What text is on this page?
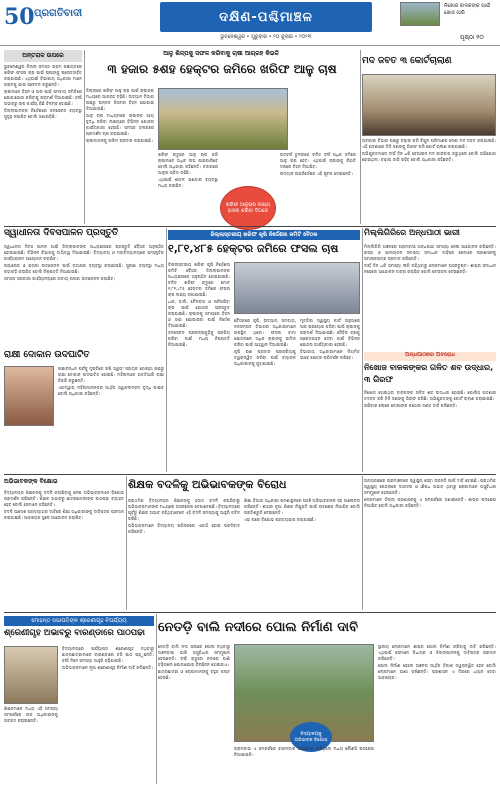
50 ପ୍ରଗତିବାଦୀ	ଦକ୍ଷିଣ-ପଶ୍ଚିମାଞ୍ଚଳ
ଭୁବନେଶ୍ୱର • ଗୁରୁବାର • ୨୦ ଜୁଲାଇ • ୨୦୨୩	ପୃଷ୍ଠା ୧୦
ନିଖୋଜ ବାଳକଙ୍କ ପାଇଁ ଖୋଜ ଜାରି
ଅନ୍ତରାଳ ଉପରେ

ଭୁବନେଶ୍ୱର ଜିଲ୍ଲା ସମସ୍ତ ଗ୍ରାମ ପଞ୍ଚାୟତରେ ଖରିଫ ଫସଲ ଚାଷ ପାଇଁ ଚାଷୀଙ୍କୁ ପ୍ରୋତ୍ସାହିତ କରାଯାଉଛି। ଏଥିପାଇଁ ବିଭାଗୀୟ ଅଧିକାରୀ ମାନେ ଗ୍ରାମକୁ ଯାଇ ସଚେତନ କରୁଛନ୍ତି।

ଚାଷୀମାନେ ବିହନ ଓ ସାର ପାଇଁ ସମବାୟ ସମିତିରେ ଯୋଗାଯୋଗ କରିବାକୁ ପରାମର୍ଶ ଦିଆଯାଇଛି। ବର୍ଷା ଅଭାବରୁ ଚାଷ କାର୍ଯ୍ୟ କିଛି ବିଳମ୍ବ ହୋଇଛି।

ଜିଲ୍ଲାପାଳଙ୍କ ନିର୍ଦ୍ଦେଶରେ ଜଳସେଚନ ବ୍ୟବସ୍ଥା ସୁଦୃଢ଼ କରାଯିବ ବୋଲି ଜଣାପଡ଼ିଛି।

ଆଳୁ ଶିଳ୍ପକୁ ସଫଳ କରିବାକୁ ଚାଷୀ ଆଗ୍ରହ କିଭଳି
୩ ହଜାର ୫ଶହ ହେକ୍ଟର ଜମିରେ ଖରିଫ ଆଳୁ ଚାଷ

ଜିଲ୍ଲାରେ ଖରିଫ ଆଳୁ ଚାଷ ପାଇଁ ଚାଷୀଙ୍କ ମଧ୍ୟରେ ଆଗ୍ରହ ବଢ଼ିଛି। ଉଦ୍ୟାନ ବିଭାଗ ପକ୍ଷରୁ ଉନ୍ନତ କିସମର ବିହନ ଯୋଗାଇ ଦିଆଯାଉଛି।

ଆଳୁ ଚାଷ ମାଧ୍ୟମରେ ଚାଷୀଙ୍କ ଆୟ ବୃଦ୍ଧି କରିବା ଲକ୍ଷ୍ୟରେ ବିଭିନ୍ନ ଯୋଜନା କାର୍ଯ୍ୟକାରୀ ହେଉଛି। ସମସ୍ତ ବ୍ଲକରେ ପ୍ରଦର୍ଶନ ଚାଷ କରାଯାଇଛି।

ଚାଷୀମାନଙ୍କୁ ତାଲିମ ପ୍ରଦାନ କରାଯାଇଛି।

ଖରିଫ ଋତୁରେ ଆଳୁ ଚାଷ କରି ଚାଷୀମାନେ ଅଧିକ ଲାଭ ପାଇପାରିବେ ବୋଲି ଅଧିକାରୀ କହିଛନ୍ତି। ବଜାରରେ ଆଳୁର ଚାହିଦା ରହିଛି।

ଏଥିପାଇଁ ଶୀତଳ ଭଣ୍ଡାର ବ୍ୟବସ୍ଥା ମଧ୍ୟ କରାଯିବ।

ଖରିଫ ଆଳୁଚାଷ ଲକ୍ଷ୍ୟ ହାସଲ କରିବା ଦିଗରେ

ଗତବର୍ଷ ତୁଳନାରେ ଚଳିତ ବର୍ଷ ଅଧିକ ଜମିରେ ଆଳୁ ଚାଷ ହେବ। ଏଥିପାଇଁ ଚାଷୀଙ୍କୁ ରିହାତି ଦରରେ ବିହନ ଦିଆଯିବ।

ଉଦ୍ୟାନ ଉପନିର୍ଦ୍ଦେଶକ ଏହି ସୂଚନା ଦେଇଛନ୍ତି।

ମଦ ଜବତ ୩ କୋର୍ଟଚାଲାଣ

ଅବକାରୀ ବିଭାଗ ପକ୍ଷରୁ ଚଢ଼ାଉ କରି ବିପୁଳ ପରିମାଣର ଦେଶୀ ମଦ ଜବତ କରାଯାଇଛି। ଏହି ଘଟଣାରେ ତିନି ଜଣଙ୍କୁ ଗିରଫ କରି କୋର୍ଟ ଚାଲାଣ କରାଯାଇଛି।

ଅଭିଯୁକ୍ତମାନେ ଦୀର୍ଘ ଦିନ ଧରି ବେଆଇନ ମଦ କାରବାର କରୁଥିଲେ ବୋଲି ଅଭିଯୋଗ ହୋଇଥିଲା। ଚଢ଼ାଉ ଜାରି ରହିବ ବୋଲି ଅଧିକାରୀ କହିଛନ୍ତି।

ସ୍ୱାଧୀନତା ଦିବସପାଳନ ପ୍ରସ୍ତୁତି

ସ୍ୱାଧୀନତା ଦିବସ ପାଳନ ପାଇଁ ଜିଲ୍ଲାପାଳଙ୍କ ଅଧ୍ୟକ୍ଷତାରେ ପ୍ରସ୍ତୁତି ବୈଠକ ଅନୁଷ୍ଠିତ ହୋଇଯାଇଛି। ବିଭିନ୍ନ ବିଭାଗକୁ ଦାୟିତ୍ୱ ଦିଆଯାଇଛି। ବିଦ୍ୟାଳୟ ଓ ମହାବିଦ୍ୟାଳୟରେ ସାଂସ୍କୃତିକ କାର୍ଯ୍ୟକ୍ରମ ଆୟୋଜନ କରାଯିବ।

ପ୍ୟାରେଡ୍ ଓ ପତାକା ଉତ୍ତୋଳନ ପାଇଁ ବ୍ୟାପକ ବ୍ୟବସ୍ଥା କରାଯାଉଛି। ସୁରକ୍ଷା ବ୍ୟବସ୍ଥା ମଧ୍ୟ କଡ଼ାକଡ଼ି କରାଯିବ ବୋଲି ନିଷ୍ପତ୍ତି ନିଆଯାଇଛି।

ସମସ୍ତ ସରକାରୀ କାର୍ଯ୍ୟାଳୟରେ ଜାତୀୟ ପତାକା ଉତ୍ତୋଳନ କରାଯିବ।

ରାକ୍ଷୀ ଦୋକାନ ଉଦଘାଟିତ

ରକ୍ଷାବନ୍ଧନ ପର୍ବକୁ ଦୃଷ୍ଟିରେ ରଖି ସ୍ୱୟଂ ସହାୟକ ଗୋଷ୍ଠୀ ପକ୍ଷରୁ ରାକ୍ଷୀ ଦୋକାନ ଉଦଘାଟିତ ହୋଇଛି। ମହିଳାମାନେ ହାତତିଆରି ରାକ୍ଷୀ ବିକ୍ରି କରୁଛନ୍ତି।

ଏହାଦ୍ୱାରା ମହିଳାମାନଙ୍କର ଆର୍ଥିକ ସ୍ୱାବଲମ୍ବନ ବୃଦ୍ଧି ପାଇବ ବୋଲି ଅଧିକାରୀ କହିଛନ୍ତି।

ଜିଲ୍ଲାସ୍ତରୀୟ ଖରିଫ କୃଷି ନିର୍ଦ୍ଦେଶନା କମିଟି ବୈଠକ
୧,୮୧,୪୮୫ ହେକ୍ଟର ଜମିରେ ଫସଲ ଚାଷ

ଜିଲ୍ଲାସ୍ତରୀୟ ଖରିଫ କୃଷି ନିର୍ଦ୍ଦେଶନା କମିଟି ବୈଠକ ଜିଲ୍ଲାପାଳଙ୍କ ଅଧ୍ୟକ୍ଷତାରେ ଅନୁଷ୍ଠିତ ହୋଇଯାଇଛି। ଚଳିତ ଖରିଫ ଋତୁରେ ମୋଟ ୧,୮୧,୪୮୫ ହେକ୍ଟର ଜମିରେ ଫସଲ ଚାଷ ଲକ୍ଷ୍ୟ ରଖାଯାଇଛି।

ଧାନ, ଡାଲି, ତୈଳବୀଜ ଓ ପନିପରିବା ଚାଷ ପାଇଁ ଯୋଜନା ପ୍ରସ୍ତୁତ କରାଯାଇଛି। ଚାଷୀଙ୍କୁ ସମୟରେ ବିହନ ଓ ସାର ଯୋଗାଇବା ପାଇଁ ନିର୍ଦ୍ଦେଶ ଦିଆଯାଇଛି।

ଜଳସେଚନ ପ୍ରକଳ୍ପଗୁଡ଼ିକୁ ସକ୍ରିୟ କରିବା ପାଇଁ ମଧ୍ୟ ନିଷ୍ପତ୍ତି ନିଆଯାଇଛି।

ବୈଠକରେ କୃଷି, ଉଦ୍ୟାନ, ସମବାୟ, ଜଳସମ୍ପଦ ବିଭାଗର ଅଧିକାରୀମାନେ ଉପସ୍ଥିତ ଥିଲେ। ଫସଲ ବୀମା ଯୋଜନାରେ ଅଧିକ ଚାଷୀଙ୍କୁ ସାମିଲ କରିବା ପାଇଁ ଆହ୍ୱାନ ଦିଆଯାଇଛି।

କୃଷି ଋଣ ପ୍ରଦାନ ପ୍ରକ୍ରିୟାକୁ ତ୍ୱରାନ୍ୱିତ କରିବା ପାଇଁ ବ୍ୟାଙ୍କ ଅଧିକାରୀଙ୍କୁ କୁହାଯାଇଛି।

ମୃତ୍ତିକା ସ୍ୱାସ୍ଥ୍ୟ କାର୍ଡ ଅନୁସାରେ ସାର ପ୍ରୟୋଗ କରିବା ପାଇଁ ଚାଷୀଙ୍କୁ ପରାମର୍ଶ ଦିଆଯାଇଛି। ଜୈବିକ ଚାଷକୁ ପ୍ରୋତ୍ସାହନ ଦେବା ପାଇଁ ବିଭିନ୍ନ ଯୋଜନା କାର୍ଯ୍ୟକାରୀ ହେଉଛି।

ବିଭାଗୀୟ ଅଧିକାରୀମାନେ ନିୟମିତ ଭାବେ କ୍ଷେତ୍ର ପରିଦର୍ଶନ କରିବେ।

ମିଲ୍ଲିଗିରିରେ ଅନ୍ଧପାଠୀ ଭାରୀ

ମିଲ୍ଲିଗିରି ଅଞ୍ଚଳରେ ଗ୍ରାମବାସୀ ଅନ୍ଧପାଠୀ ସମସ୍ୟା ନେଇ ଆନ୍ଦୋଳନ କରିଛନ୍ତି। ରାସ୍ତା ଓ ପାନୀୟଜଳ ସମସ୍ୟା ସମାଧାନ ଦାବିରେ ସେମାନେ ପ୍ରଶାସନକୁ ସ୍ମାରକପତ୍ର ପ୍ରଦାନ କରିଛନ୍ତି।

ଦୀର୍ଘ ଦିନ ଧରି ସମସ୍ୟା ଲାଗି ରହିଥିବାରୁ ଲୋକମାନେ ଅସନ୍ତୁଷ୍ଟ। ଶୀଘ୍ର ସମାଧାନ ନହେଲେ ଆନ୍ଦୋଳନ ତୀବ୍ର କରାଯିବ ବୋଲି ଚେତାବନୀ ଦେଇଛନ୍ତି।

ଅନ୍ଧପାଠୀରେ ଅବରୋଧ
ନିଖୋଜ ବାଳକଙ୍କର ଗଳିତ ଶବ ଉଦ୍ଧାର, ୩ ଗିରଫ

ନିଖୋଜ ହୋଇଥିବା ବାଳକଙ୍କ ଗଳିତ ଶବ ଉଦ୍ଧାର ହୋଇଛି। ପୋଲିସ ଘଟଣାର ତଦନ୍ତ କରି ତିନି ଜଣଙ୍କୁ ଗିରଫ କରିଛି। ଅଭିଯୁକ୍ତଙ୍କୁ କୋର୍ଟ ଚାଲାଣ କରାଯାଇଛି।

ପରିବାର ଲୋକେ ଦୋଷୀଙ୍କ କଠୋର ଦଣ୍ଡ ଦାବି କରିଛନ୍ତି।

ଅଭିଭାବକଙ୍କ ବିକ୍ଷୋଭ

ବିଦ୍ୟାଳୟର ଶିକ୍ଷକଙ୍କୁ ବଦଳି କରାଯିବାକୁ ନେଇ ଅଭିଭାବକମାନେ ବିକ୍ଷୋଭ ପ୍ରଦର୍ଶନ କରିଛନ୍ତି। ଶିକ୍ଷକ ଅଭାବରୁ ଛାତ୍ରଛାତ୍ରୀଙ୍କ ପାଠପଢ଼ା ବ୍ୟାହତ ହେବ ବୋଲି ସେମାନେ କହିଛନ୍ତି।

ବଦଳି ଆଦେଶ ପ୍ରତ୍ୟାହାର ଦାବିରେ ଶିକ୍ଷା ଅଧିକାରୀଙ୍କୁ ଦାବିପତ୍ର ପ୍ରଦାନ କରାଯାଇଛି। ଆବଶ୍ୟକ ସ୍ଥଳେ ଆନ୍ଦୋଳନ କରାଯିବ।

ଶିକ୍ଷକ ବଦଳିକୁ ଅଭିଭାବକଙ୍କ ବିରୋଧ

ପ୍ରାଥମିକ ବିଦ୍ୟାଳୟର ଶିକ୍ଷକଙ୍କୁ ହଠାତ୍ ବଦଳି କରାଯିବାରୁ ଅଭିଭାବକମାନଙ୍କ ମଧ୍ୟରେ ଅସନ୍ତୋଷ ଦେଖାଦେଇଛି। ବିଦ୍ୟାଳୟରେ ପୂର୍ବରୁ ଶିକ୍ଷକ ଅଭାବ ରହିଥିବାବେଳେ ଏହି ବଦଳି ସମସ୍ୟାକୁ ଆହୁରି ଜଟିଳ କରିଛି।

ଅଭିଭାବକମାନେ ବିଦ୍ୟାଳୟ ପରିସରରେ ଏକାଠି ହୋଇ ପ୍ରତିବାଦ କରିଛନ୍ତି।

ଶିକ୍ଷା ବିଭାଗ ଅଧିକାରୀ ଘଟଣାସ୍ଥଳରେ ପହଞ୍ଚି ଅଭିଭାବକଙ୍କ ସହ ଆଲୋଚନା କରିଛନ୍ତି। ଶୀଘ୍ର ନୂଆ ଶିକ୍ଷକ ନିଯୁକ୍ତି ପାଇଁ ପଦକ୍ଷେପ ନିଆଯିବ ବୋଲି ପ୍ରତିଶ୍ରୁତି ଦେଇଛନ୍ତି।

ଏହା ପରେ ବିକ୍ଷୋଭ ପ୍ରତ୍ୟାହାର କରାଯାଇଛି।

ଅନ୍ୟପକ୍ଷରେ ଗ୍ରାମାଞ୍ଚଳରେ ସ୍ୱାସ୍ଥ୍ୟ ସେବା ଉନ୍ନତି ପାଇଁ ଦାବି ହୋଇଛି। ପ୍ରାଥମିକ ସ୍ୱାସ୍ଥ୍ୟ କେନ୍ଦ୍ରରେ ଡାକ୍ତର ଓ ଔଷଧ ଅଭାବ ଥିବାରୁ ରୋଗୀମାନେ ଅସୁବିଧାର ସମ୍ମୁଖୀନ ହେଉଛନ୍ତି।

ଲୋକମାନେ ଜିଲ୍ଲା ପ୍ରଶାସନକୁ ଏ ସମ୍ପର୍କରେ ଜଣାଇଛନ୍ତି। ଶୀଘ୍ର ପଦକ୍ଷେପ ନିଆଯିବ ବୋଲି ଅଧିକାରୀ କହିଛନ୍ତି।

ମୋହନ୍ତ ସଭାପତିଙ୍କ ଶ୍ରେଣୀଗୃହ ବିପର୍ଯ୍ୟୟ
ଶ୍ରେଣୀଗୃହ ଅଭାବରୁ ବାରଣ୍ଡାରେ ପାଠପଢା

ବିଦ୍ୟାଳୟରେ ପର୍ଯ୍ୟାପ୍ତ ଶ୍ରେଣୀଗୃହ ନଥିବାରୁ ଛାତ୍ରଛାତ୍ରୀମାନେ ବାରଣ୍ଡାରେ ବସି ପାଠ ପଢ଼ୁଛନ୍ତି। ବର୍ଷା ଦିନେ ସମସ୍ୟା ଆହୁରି ବଢ଼ିଯାଉଛି।

ଅଭିଭାବକମାନେ ନୂଆ ଶ୍ରେଣୀଗୃହ ନିର୍ମାଣ ଦାବି କରିଛନ୍ତି।

ଶିକ୍ଷକମାନେ ମଧ୍ୟ ଏହି ସମସ୍ୟା ସମ୍ପର୍କରେ ଉଚ୍ଚ ଅଧିକାରୀଙ୍କୁ ଅବଗତ କରାଇଛନ୍ତି।

ନେତଡ଼ି ବାଲି ନଦୀରେ ପୋଲ ନିର୍ମାଣ ଦାବି

ନେତଡ଼ି ବାଲି ନଦୀ ଉପରେ ପୋଲ ନଥିବାରୁ ଅଞ୍ଚଳବାସୀ ଭାରି ଅସୁବିଧାର ସମ୍ମୁଖୀନ ହେଉଛନ୍ତି। ବର୍ଷା ଋତୁରେ ନଦୀରେ ପାଣି ବଢ଼ିଗଲେ ଯୋଗାଯୋଗ ବିଚ୍ଛିନ୍ନ ହୋଇଯାଏ।

ଛାତ୍ରଛାତ୍ରୀ ଓ ରୋଗୀମାନଙ୍କୁ ବହୁତ କଷ୍ଟ ହେଉଛି।

ବିଦ୍ୟାଳୟକୁ ଅଭିଭାବକ ବିକ୍ଷୋଭ

ଗ୍ରାମବାସୀ ଏ ସମ୍ପର୍କରେ ବାରମ୍ବାର ଅଭିଯୋଗ କରିଥିଲେ ମଧ୍ୟ କୌଣସି ପଦକ୍ଷେପ ନିଆଯାଇନି।

ସ୍ଥାନୀୟ ଲୋକମାନେ ଶୀଘ୍ର ପୋଲ ନିର୍ମାଣ କରିବାକୁ ଦାବି କରିଛନ୍ତି। ଏଥିପାଇଁ ସେମାନେ ବିଧାୟକ ଓ ଜିଲ୍ଲାପାଳଙ୍କୁ ଦାବିପତ୍ର ପ୍ରଦାନ କରିଛନ୍ତି।

ପୋଲ ନିର୍ମାଣ ହେଲେ ଅଞ୍ଚଳର ଆର୍ଥିକ ବିକାଶ ତ୍ୱରାନ୍ୱିତ ହେବ ବୋଲି ଲୋକମାନେ ଆଶା ରଖିଛନ୍ତି। ପ୍ରଶାସନ ଏ ଦିଗରେ ଧ୍ୟାନ ଦେବା ଆବଶ୍ୟକ।
